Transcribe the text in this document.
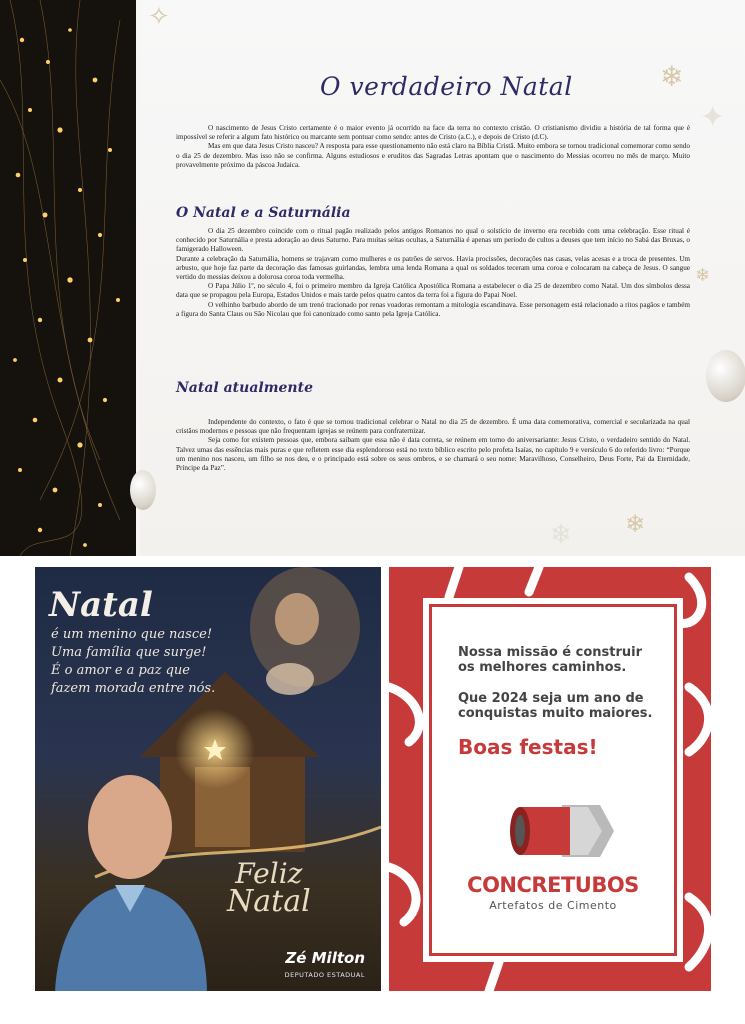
✧
❄
✦
❄
❄
❄
O verdadeiro Natal

O nascimento de Jesus Cristo certamente é o maior evento já ocorrido na face da terra no contexto cristão. O cristianismo dividiu a história de tal forma que é impossível se referir a algum fato histórico ou marcante sem pontuar como sendo: antes de Cristo (a.C.), e depois de Cristo (d.C).

Mas em que data Jesus Cristo nasceu? A resposta para esse questionamento não está claro na Bíblia Cristã. Muito embora se tornou tradicional comemorar como sendo o dia 25 de dezembro. Mas isso não se confirma. Alguns estudiosos e eruditos das Sagradas Letras apontam que o nascimento do Messias ocorreu no mês de março. Muito provavelmente próximo da páscoa Judaica.

O Natal e a Saturnália

O dia 25 dezembro coincide com o ritual pagão realizado pelos antigos Romanos no qual o solstício de inverno era recebido com uma celebração. Esse ritual é conhecido por Saturnália e presta adoração ao deus Saturno. Para muitas seitas ocultas, a Saturnália é apenas um período de cultos a deuses que tem início no Sabá das Bruxas, o famigerado Halloween.

Durante a celebração da Saturnália, homens se trajavam como mulheres e os patrões de servos. Havia procissões, decorações nas casas, velas acesas e a troca de presentes. Um arbusto, que hoje faz parte da decoração das famosas guirlandas, lembra uma lenda Romana a qual os soldados teceram uma coroa e colocaram na cabeça de Jesus. O sangue vertido do messias deixou a dolorosa coroa toda vermelha.

O Papa Júlio 1º, no século 4, foi o primeiro membro da Igreja Católica Apostólica Romana a estabelecer o dia 25 de dezembro como Natal. Um dos símbolos dessa data que se propagou pela Europa, Estados Unidos e mais tarde pelos quatro cantos da terra foi a figura do Papai Noel.

O velhinho barbudo abordo de um trenó tracionado por renas voadoras remontam a mitologia escandinava. Esse personagem está relacionado a ritos pagãos e também a figura do Santa Claus ou São Nicolau que foi canonizado como santo pela Igreja Católica.

Natal atualmente

Independente do contexto, o fato é que se tornou tradicional celebrar o Natal no dia 25 de dezembro. É uma data comemorativa, comercial e secularizada na qual cristãos modernos e pessoas que não frequentam igrejas se reúnem para confraternizar.

Seja como for existem pessoas que, embora saibam que essa não é data correta, se reúnem em torno do aniversariante: Jesus Cristo, o verdadeiro sentido do Natal. Talvez umas das essências mais puras e que refletem esse dia esplendoroso está no texto bíblico escrito pelo profeta Isaías, no capítulo 9 e versículo 6 do referido livro: “Porque um menino nos nasceu, um filho se nos deu, e o principado está sobre os seus ombros, e se chamará o seu nome: Maravilhoso, Conselheiro, Deus Forte, Pai da Eternidade, Príncipe da Paz”.

Natal
é um menino que nasce!
Uma família que surge!
É o amor e a paz que
fazem morada entre nós.
Feliz
Natal
Zé Milton
DEPUTADO ESTADUAL

Nossa missão é construir os melhores caminhos.

Que 2024 seja um ano de conquistas muito maiores.

Boas festas!

CONCRETUBOS
Artefatos de Cimento
